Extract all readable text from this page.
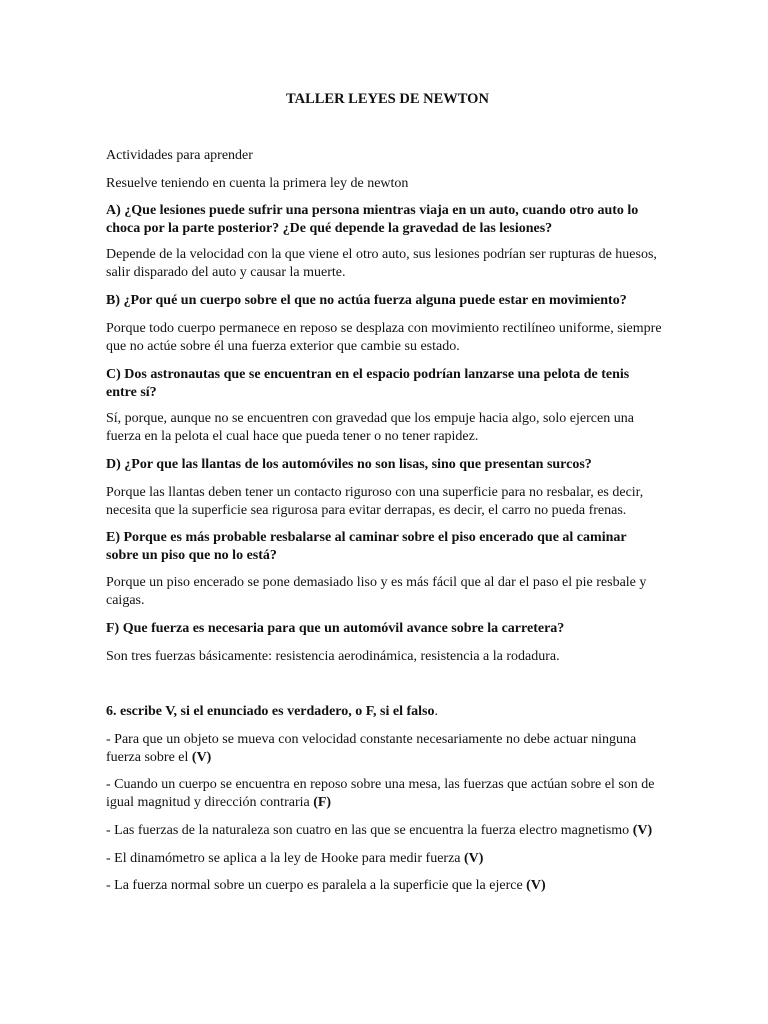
TALLER LEYES DE NEWTON

Actividades para aprender

Resuelve teniendo en cuenta la primera ley de newton

A) ¿Que lesiones puede sufrir una persona mientras viaja en un auto, cuando otro auto lo choca por la parte posterior? ¿De qué depende la gravedad de las lesiones?

Depende de la velocidad con la que viene el otro auto, sus lesiones podrían ser rupturas de huesos, salir disparado del auto y causar la muerte.

B) ¿Por qué un cuerpo sobre el que no actúa fuerza alguna puede estar en movimiento?

Porque todo cuerpo permanece en reposo se desplaza con movimiento rectilíneo uniforme, siempre que no actúe sobre él una fuerza exterior que cambie su estado.

C) Dos astronautas que se encuentran en el espacio podrían lanzarse una pelota de tenis entre sí?

Sí, porque, aunque no se encuentren con gravedad que los empuje hacia algo, solo ejercen una fuerza en la pelota el cual hace que pueda tener o no tener rapidez.

D) ¿Por que las llantas de los automóviles no son lisas, sino que presentan surcos?

Porque las llantas deben tener un contacto riguroso con una superficie para no resbalar, es decir, necesita que la superficie sea rigurosa para evitar derrapas, es decir, el carro no pueda frenas.

E) Porque es más probable resbalarse al caminar sobre el piso encerado que al caminar sobre un piso que no lo está?

Porque un piso encerado se pone demasiado liso y es más fácil que al dar el paso el pie resbale y caigas.

F) Que fuerza es necesaria para que un automóvil avance sobre la carretera?

Son tres fuerzas básicamente: resistencia aerodinámica, resistencia a la rodadura.

6. escribe V, si el enunciado es verdadero, o F, si el falso.

- Para que un objeto se mueva con velocidad constante necesariamente no debe actuar ninguna fuerza sobre el (V)

- Cuando un cuerpo se encuentra en reposo sobre una mesa, las fuerzas que actúan sobre el son de igual magnitud y dirección contraria (F)

- Las fuerzas de la naturaleza son cuatro en las que se encuentra la fuerza electro magnetismo (V)

- El dinamómetro se aplica a la ley de Hooke para medir fuerza (V)

- La fuerza normal sobre un cuerpo es paralela a la superficie que la ejerce (V)
